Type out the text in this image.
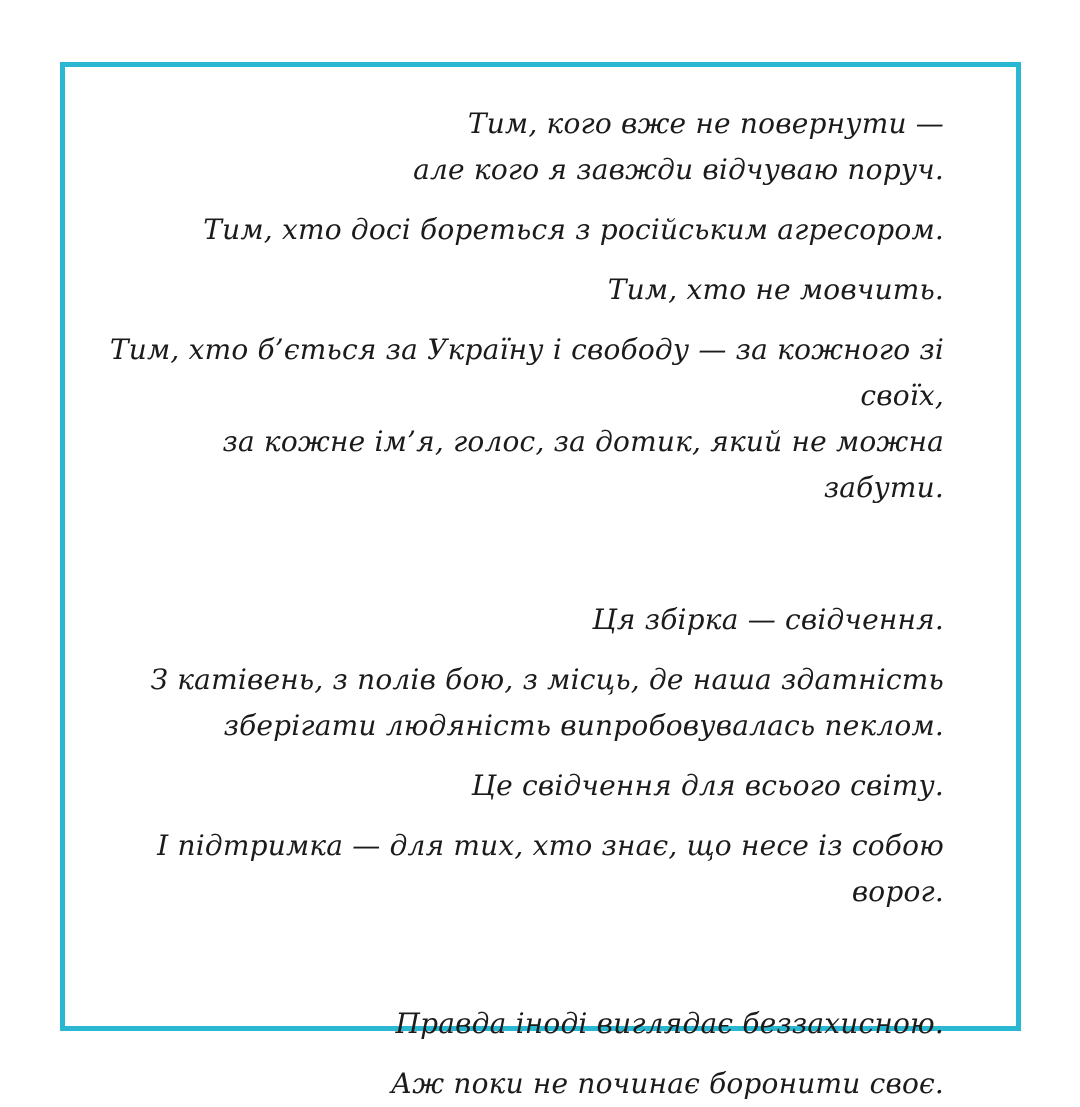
Тим, кого вже не повернути —

але кого я завжди відчуваю поруч.

Тим, хто досі бореться з російським агресором.

Тим, хто не мовчить.

Тим, хто б’ється за Україну і свободу — за кожного зі своїх,

за кожне ім’я, голос, за дотик, який не можна забути.

Ця збірка — свідчення.

З катівень, з полів бою, з місць, де наша здатність

зберігати людяність випробовувалась пеклом.

Це свідчення для всього світу.

І підтримка — для тих, хто знає, що несе із собою ворог.

Правда іноді виглядає беззахисною.

Аж поки не починає боронити своє.
